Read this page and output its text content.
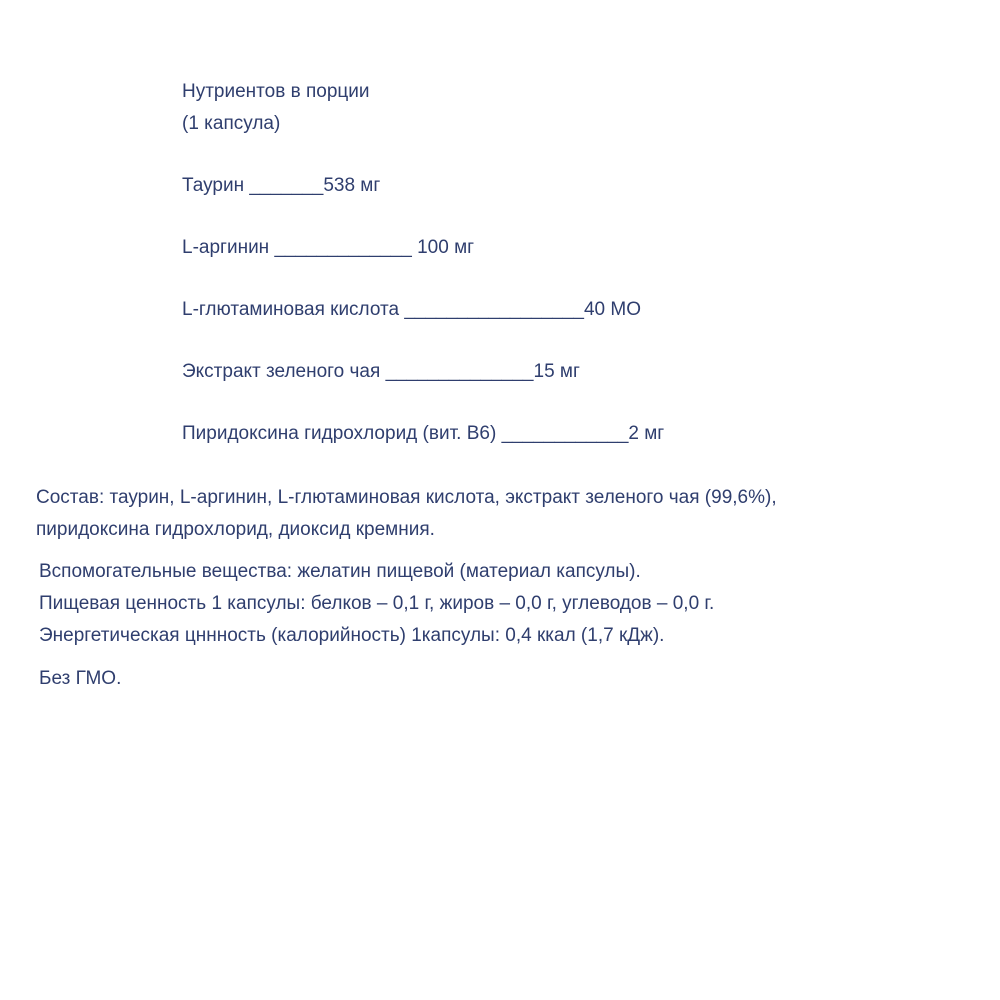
Нутриентов в порции
(1 капсула)
Таурин _______538 мг
L-аргинин _____________ 100 мг
L-глютаминовая кислота _________________40 МО
Экстракт зеленого чая ______________15 мг
Пиридоксина гидрохлорид (вит. В6) ____________2 мг
Состав: таурин, L-аргинин, L-глютаминовая кислота, экстракт зеленого чая (99,6%),
пиридоксина гидрохлорид, диоксид кремния.
Вспомогательные вещества: желатин пищевой (материал капсулы).
Пищевая ценность 1 капсулы: белков – 0,1 г, жиров – 0,0 г, углеводов – 0,0 г.
Энергетическая цннность (калорийность) 1капсулы: 0,4 ккал (1,7 кДж).
Без ГМО.
